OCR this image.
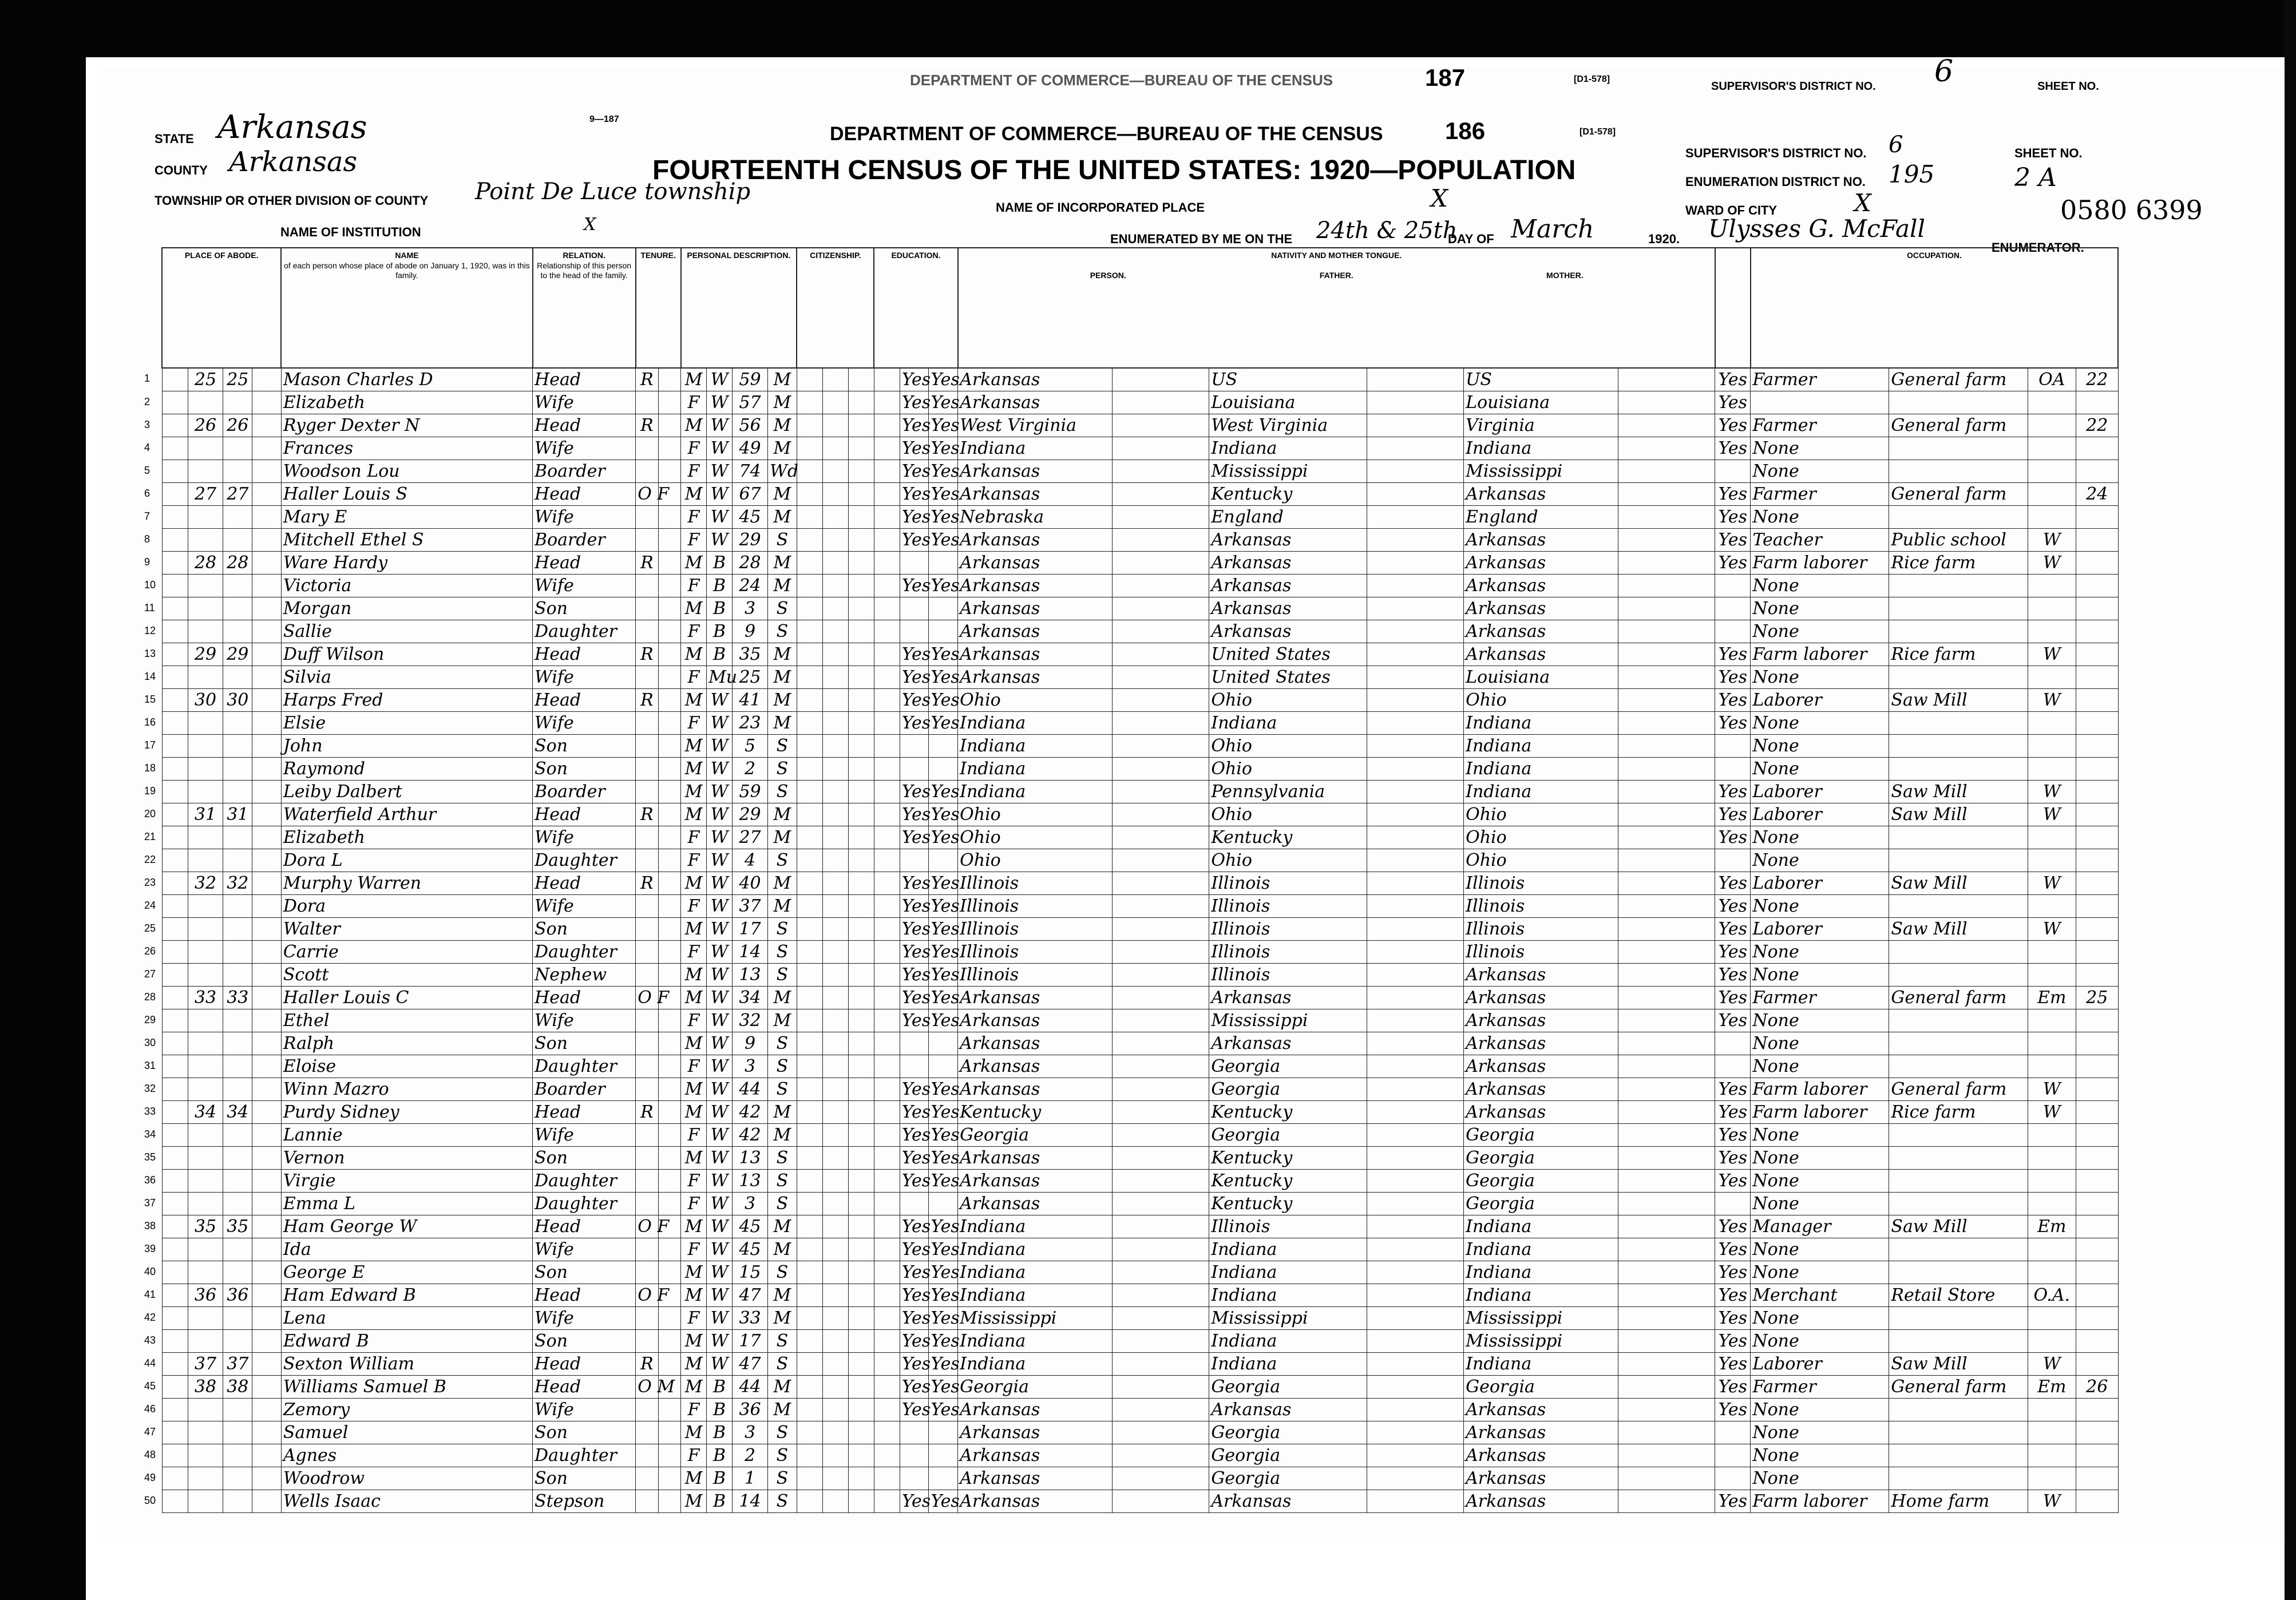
DEPARTMENT OF COMMERCE—BUREAU OF THE CENSUS	187	[D1-578]
SUPERVISOR'S DISTRICT NO. 6	SHEET NO.
9—187
DEPARTMENT OF COMMERCE—BUREAU OF THE CENSUS	186	[D1-578]
FOURTEENTH CENSUS OF THE UNITED STATES: 1920—POPULATION
STATE Arkansas
COUNTY Arkansas
TOWNSHIP OR OTHER DIVISION OF COUNTY Point De Luce township
NAME OF INSTITUTION	X
NAME OF INCORPORATED PLACE	X
ENUMERATED BY ME ON THE 24th & 25th
DAY OF March	1920. Ulysses G. McFall
ENUMERATOR.
SUPERVISOR'S DISTRICT NO. 6	SHEET NO.
ENUMERATION DISTRICT NO. 195	2 A
WARD OF CITY	X	0580 6399
PLACE OF ABODE.				NAME
of each person whose place of abode on January 1, 1920, was in this family.	RELATION.
Relationship of this person to the head of the family.	TENURE.		PERSONAL DESCRIPTION.				CITIZENSHIP.			EDUCATION.			NATIVITY AND MOTHER TONGUE.

PERSON. FATHER. MOTHER.							OCCUPATION.			
	25	25		Mason Charles D	Head	R		M	W	59	M					Yes	Yes	Arkansas		US		US		Yes	Farmer	General farm	OA	22
				Elizabeth	Wife			F	W	57	M					Yes	Yes	Arkansas		Louisiana		Louisiana		Yes				
	26	26		Ryger Dexter N	Head	R		M	W	56	M					Yes	Yes	West Virginia		West Virginia		Virginia		Yes	Farmer	General farm		22
				Frances	Wife			F	W	49	M					Yes	Yes	Indiana		Indiana		Indiana		Yes	None			
				Woodson Lou	Boarder			F	W	74	Wd					Yes	Yes	Arkansas		Mississippi		Mississippi			None			
	27	27		Haller Louis S	Head	O F		M	W	67	M					Yes	Yes	Arkansas		Kentucky		Arkansas		Yes	Farmer	General farm		24
				Mary E	Wife			F	W	45	M					Yes	Yes	Nebraska		England		England		Yes	None			
				Mitchell Ethel S	Boarder			F	W	29	S					Yes	Yes	Arkansas		Arkansas		Arkansas		Yes	Teacher	Public school	W	
	28	28		Ware Hardy	Head	R		M	B	28	M							Arkansas		Arkansas		Arkansas		Yes	Farm laborer	Rice farm	W	
				Victoria	Wife			F	B	24	M					Yes	Yes	Arkansas		Arkansas		Arkansas			None			
				Morgan	Son			M	B	3	S							Arkansas		Arkansas		Arkansas			None			
				Sallie	Daughter			F	B	9	S							Arkansas		Arkansas		Arkansas			None			
	29	29		Duff Wilson	Head	R		M	B	35	M					Yes	Yes	Arkansas		United States		Arkansas		Yes	Farm laborer	Rice farm	W	
				Silvia	Wife			F	Mu	25	M					Yes	Yes	Arkansas		United States		Louisiana		Yes	None			
	30	30		Harps Fred	Head	R		M	W	41	M					Yes	Yes	Ohio		Ohio		Ohio		Yes	Laborer	Saw Mill	W	
				Elsie	Wife			F	W	23	M					Yes	Yes	Indiana		Indiana		Indiana		Yes	None			
				John	Son			M	W	5	S							Indiana		Ohio		Indiana			None			
				Raymond	Son			M	W	2	S							Indiana		Ohio		Indiana			None			
				Leiby Dalbert	Boarder			M	W	59	S					Yes	Yes	Indiana		Pennsylvania		Indiana		Yes	Laborer	Saw Mill	W	
	31	31		Waterfield Arthur	Head	R		M	W	29	M					Yes	Yes	Ohio		Ohio		Ohio		Yes	Laborer	Saw Mill	W	
				Elizabeth	Wife			F	W	27	M					Yes	Yes	Ohio		Kentucky		Ohio		Yes	None			
				Dora L	Daughter			F	W	4	S							Ohio		Ohio		Ohio			None			
	32	32		Murphy Warren	Head	R		M	W	40	M					Yes	Yes	Illinois		Illinois		Illinois		Yes	Laborer	Saw Mill	W	
				Dora	Wife			F	W	37	M					Yes	Yes	Illinois		Illinois		Illinois		Yes	None			
				Walter	Son			M	W	17	S					Yes	Yes	Illinois		Illinois		Illinois		Yes	Laborer	Saw Mill	W	
				Carrie	Daughter			F	W	14	S					Yes	Yes	Illinois		Illinois		Illinois		Yes	None			
				Scott	Nephew			M	W	13	S					Yes	Yes	Illinois		Illinois		Arkansas		Yes	None			
	33	33		Haller Louis C	Head	O F		M	W	34	M					Yes	Yes	Arkansas		Arkansas		Arkansas		Yes	Farmer	General farm	Em	25
				Ethel	Wife			F	W	32	M					Yes	Yes	Arkansas		Mississippi		Arkansas		Yes	None			
				Ralph	Son			M	W	9	S							Arkansas		Arkansas		Arkansas			None			
				Eloise	Daughter			F	W	3	S							Arkansas		Georgia		Arkansas			None			
				Winn Mazro	Boarder			M	W	44	S					Yes	Yes	Arkansas		Georgia		Arkansas		Yes	Farm laborer	General farm	W	
	34	34		Purdy Sidney	Head	R		M	W	42	M					Yes	Yes	Kentucky		Kentucky		Arkansas		Yes	Farm laborer	Rice farm	W	
				Lannie	Wife			F	W	42	M					Yes	Yes	Georgia		Georgia		Georgia		Yes	None			
				Vernon	Son			M	W	13	S					Yes	Yes	Arkansas		Kentucky		Georgia		Yes	None			
				Virgie	Daughter			F	W	13	S					Yes	Yes	Arkansas		Kentucky		Georgia		Yes	None			
				Emma L	Daughter			F	W	3	S							Arkansas		Kentucky		Georgia			None			
	35	35		Ham George W	Head	O F		M	W	45	M					Yes	Yes	Indiana		Illinois		Indiana		Yes	Manager	Saw Mill	Em	
				Ida	Wife			F	W	45	M					Yes	Yes	Indiana		Indiana		Indiana		Yes	None			
				George E	Son			M	W	15	S					Yes	Yes	Indiana		Indiana		Indiana		Yes	None			
	36	36		Ham Edward B	Head	O F		M	W	47	M					Yes	Yes	Indiana		Indiana		Indiana		Yes	Merchant	Retail Store	O.A.	
				Lena	Wife			F	W	33	M					Yes	Yes	Mississippi		Mississippi		Mississippi		Yes	None			
				Edward B	Son			M	W	17	S					Yes	Yes	Indiana		Indiana		Mississippi		Yes	None			
	37	37		Sexton William	Head	R		M	W	47	S					Yes	Yes	Indiana		Indiana		Indiana		Yes	Laborer	Saw Mill	W	
	38	38		Williams Samuel B	Head	O M		M	B	44	M					Yes	Yes	Georgia		Georgia		Georgia		Yes	Farmer	General farm	Em	26
				Zemory	Wife			F	B	36	M					Yes	Yes	Arkansas		Arkansas		Arkansas		Yes	None			
				Samuel	Son			M	B	3	S							Arkansas		Georgia		Arkansas			None			
				Agnes	Daughter			F	B	2	S							Arkansas		Georgia		Arkansas			None			
				Woodrow	Son			M	B	1	S							Arkansas		Georgia		Arkansas			None			
				Wells Isaac	Stepson			M	B	14	S					Yes	Yes	Arkansas		Arkansas		Arkansas		Yes	Farm laborer	Home farm	W	
1
2
3
4
5
6
7
8
9
10
11
12
13
14
15
16
17
18
19
20
21
22
23
24
25
26
27
28
29
30
31
32
33
34
35
36
37
38
39
40
41
42
43
44
45
46
47
48
49
50
